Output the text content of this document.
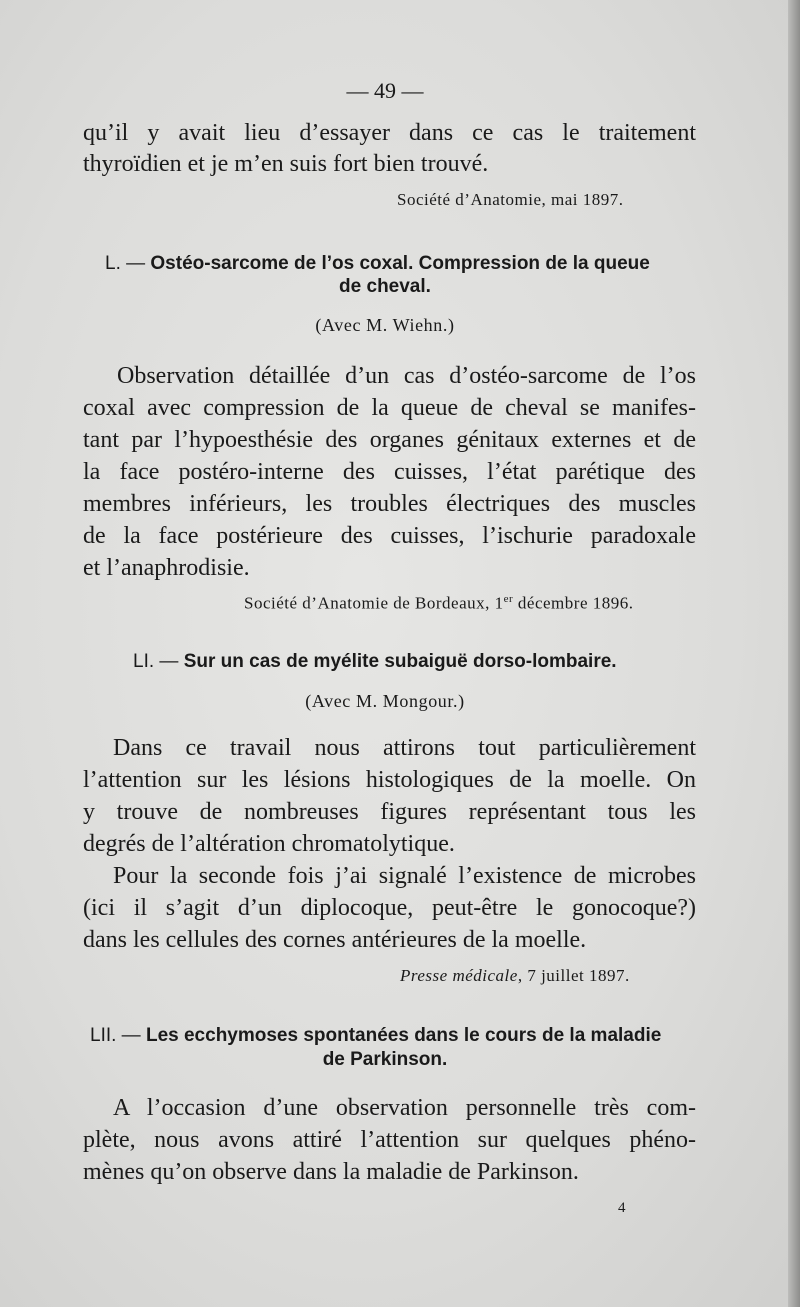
— 49 —
qu’il y avait lieu d’essayer dans ce cas le traitement
thyroïdien et je m’en suis fort bien trouvé.
Société d’Anatomie, mai 1897.
L. — Ostéo-sarcome de l’os coxal. Compression de la queue
de cheval.
(Avec M. Wiehn.)
Observation détaillée d’un cas d’ostéo-sarcome de l’os
coxal avec compression de la queue de cheval se manifes-
tant par l’hypoesthésie des organes génitaux externes et de
la face postéro-interne des cuisses, l’état parétique des
membres inférieurs, les troubles électriques des muscles
de la face postérieure des cuisses, l’ischurie paradoxale
et l’anaphrodisie.
Société d’Anatomie de Bordeaux, 1er décembre 1896.
LI. — Sur un cas de myélite subaiguë dorso-lombaire.
(Avec M. Mongour.)
Dans ce travail nous attirons tout particulièrement
l’attention sur les lésions histologiques de la moelle. On
y trouve de nombreuses figures représentant tous les
degrés de l’altération chromatolytique.
Pour la seconde fois j’ai signalé l’existence de microbes
(ici il s’agit d’un diplocoque, peut-être le gonocoque?)
dans les cellules des cornes antérieures de la moelle.
Presse médicale, 7 juillet 1897.
LII. — Les ecchymoses spontanées dans le cours de la maladie
de Parkinson.
A l’occasion d’une observation personnelle très com-
plète, nous avons attiré l’attention sur quelques phéno-
mènes qu’on observe dans la maladie de Parkinson.
4
